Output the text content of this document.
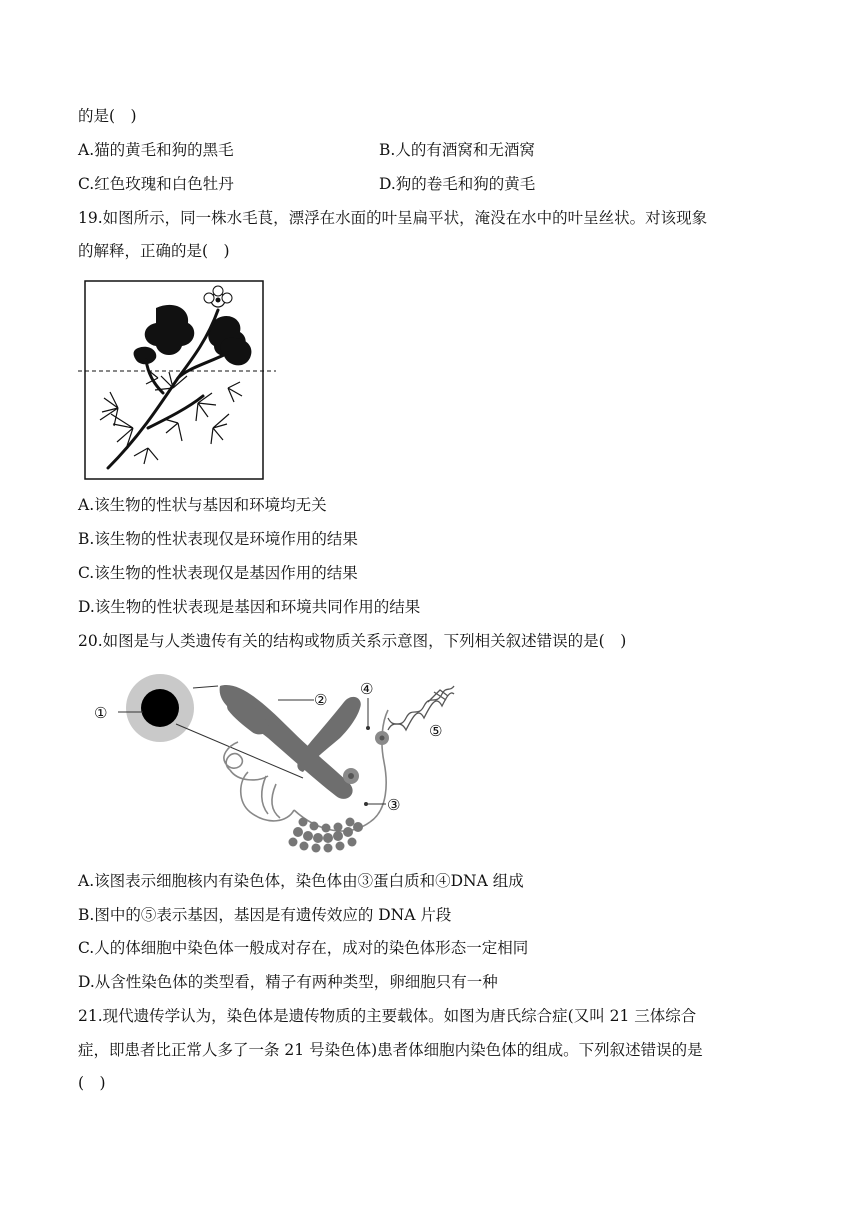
的是(　)
A.猫的黄毛和狗的黑毛	B.人的有酒窝和无酒窝
C.红色玫瑰和白色牡丹	D.狗的卷毛和狗的黄毛
19.如图所示，同一株水毛茛，漂浮在水面的叶呈扁平状，淹没在水中的叶呈丝状。对该现象
的解释，正确的是(　)
A.该生物的性状与基因和环境均无关
B.该生物的性状表现仅是环境作用的结果
C.该生物的性状表现仅是基因作用的结果
D.该生物的性状表现是基因和环境共同作用的结果
20.如图是与人类遗传有关的结构或物质关系示意图，下列相关叙述错误的是(　)
①
②
③
④
⑤
A.该图表示细胞核内有染色体，染色体由③蛋白质和④DNA 组成
B.图中的⑤表示基因，基因是有遗传效应的 DNA 片段
C.人的体细胞中染色体一般成对存在，成对的染色体形态一定相同
D.从含性染色体的类型看，精子有两种类型，卵细胞只有一种
21.现代遗传学认为，染色体是遗传物质的主要载体。如图为唐氏综合症(又叫 21 三体综合
症，即患者比正常人多了一条 21 号染色体)患者体细胞内染色体的组成。下列叙述错误的是
(　)
